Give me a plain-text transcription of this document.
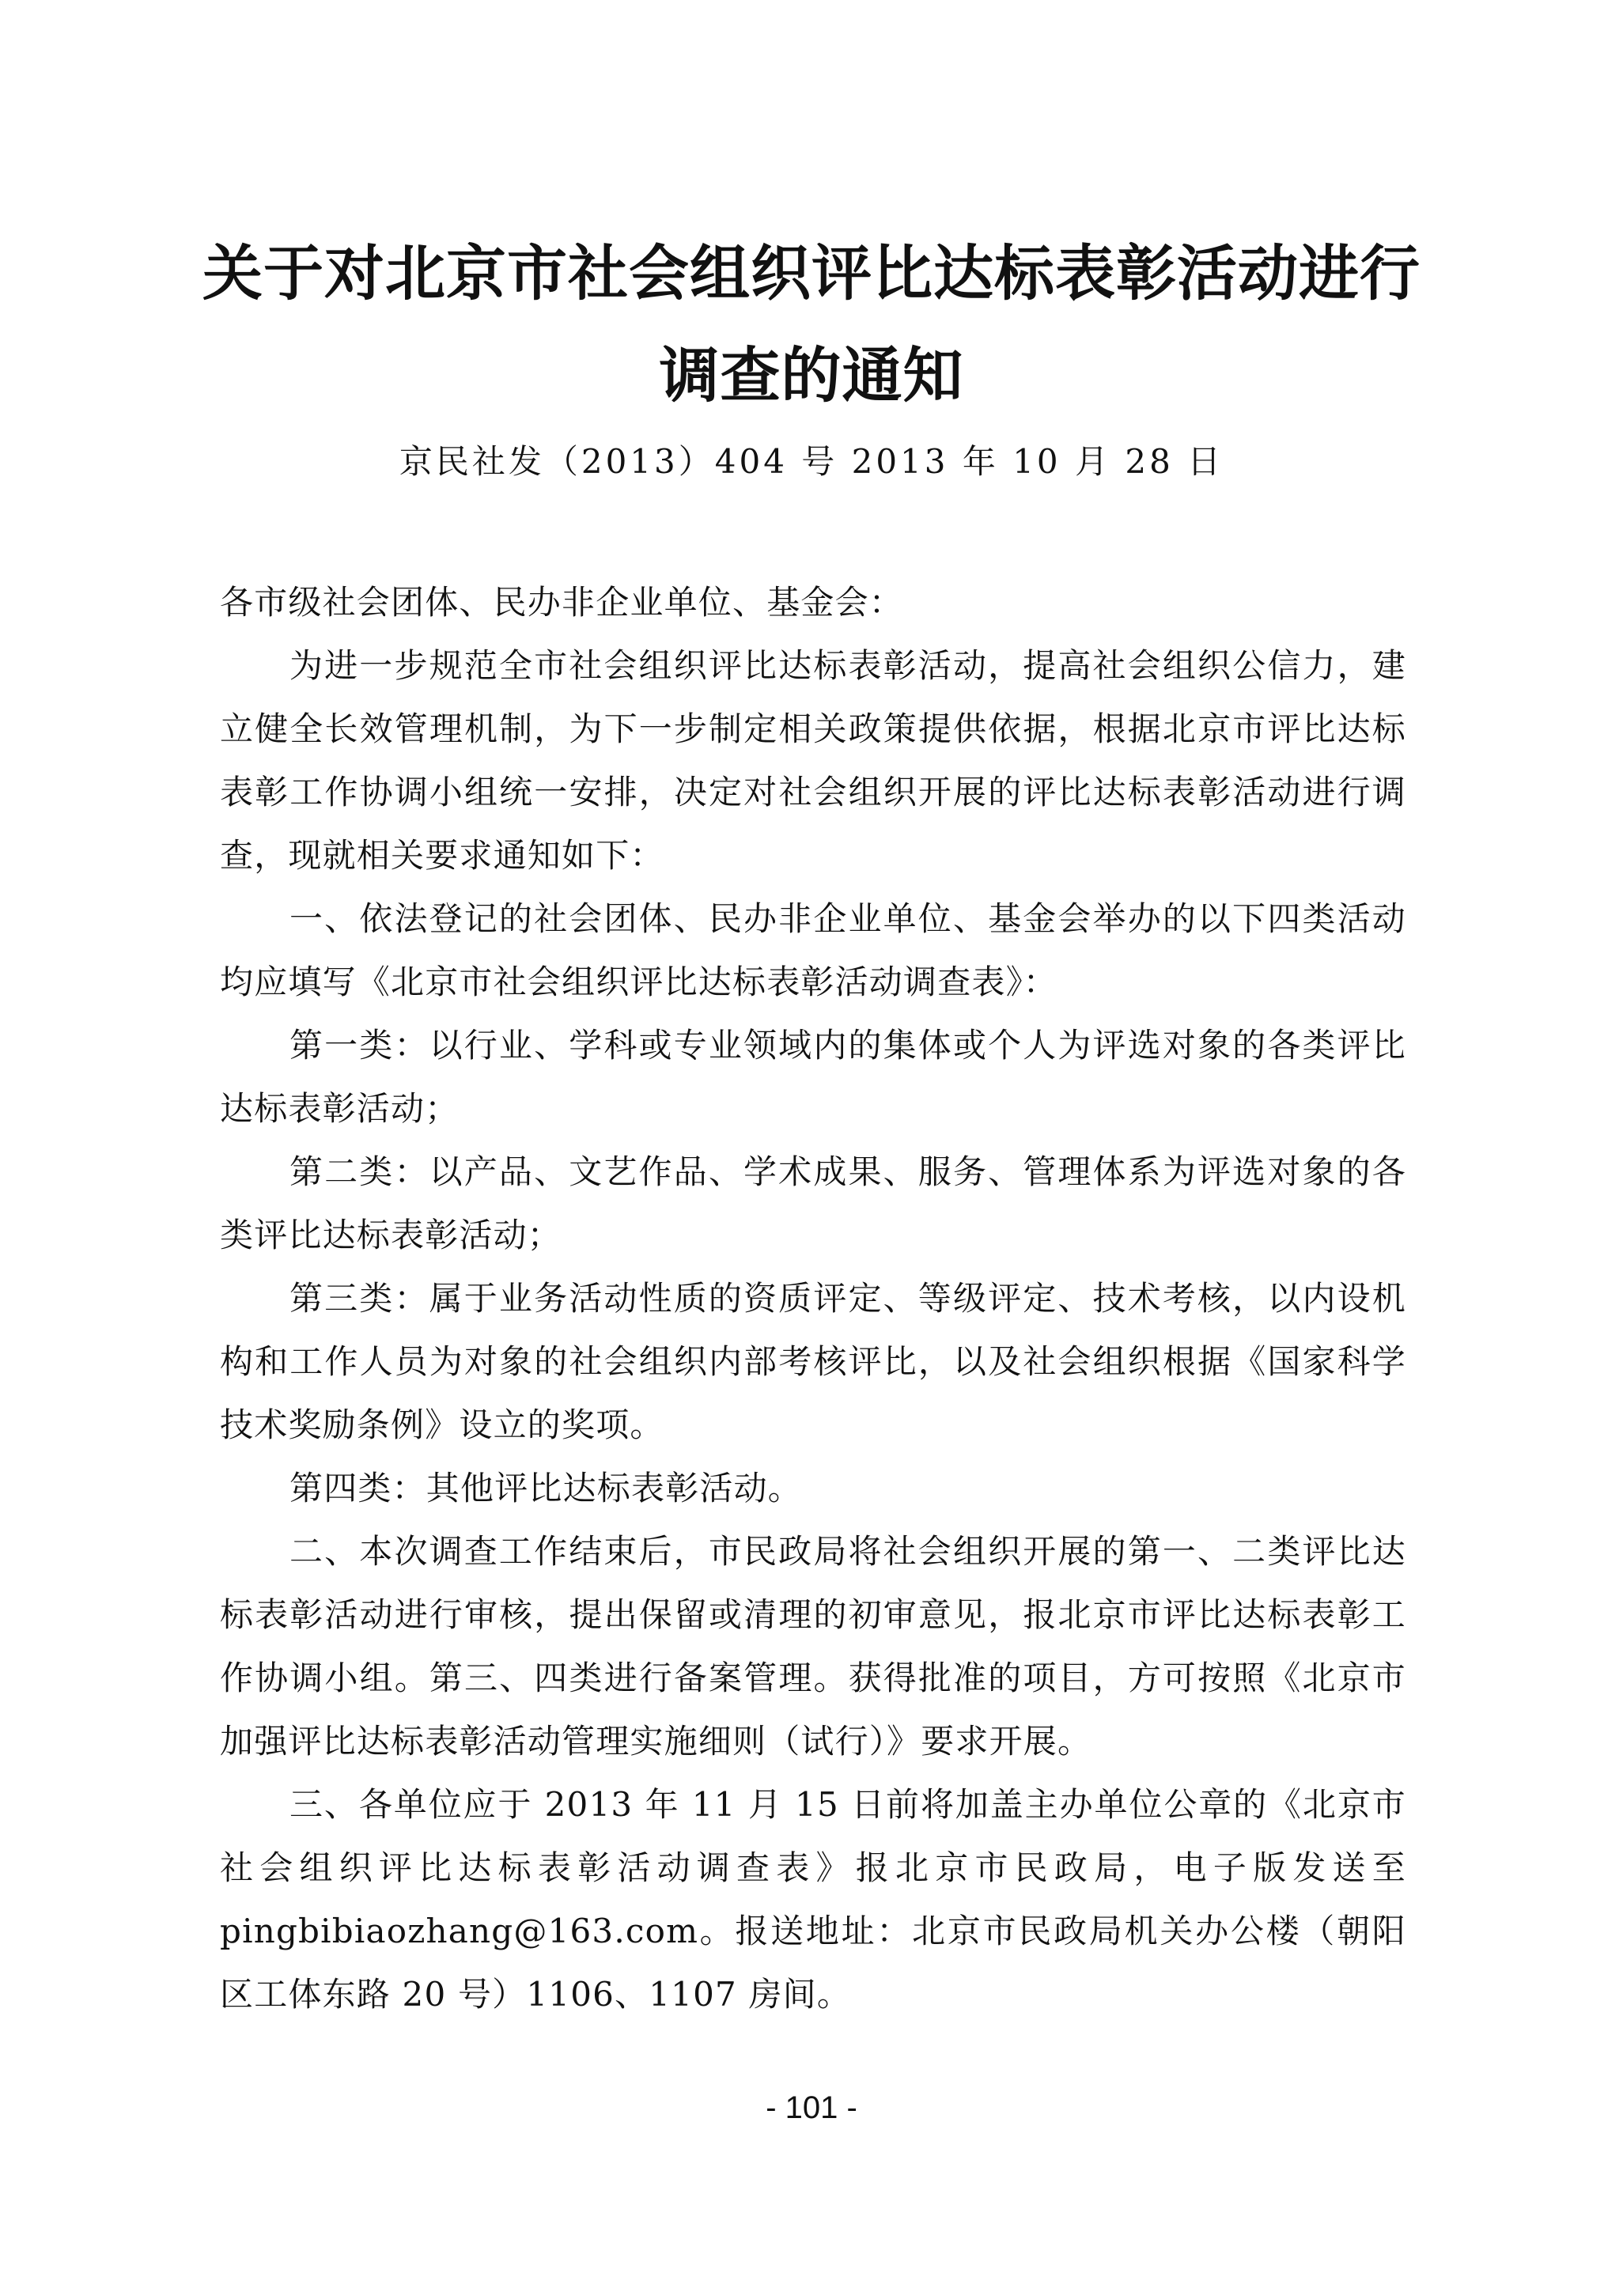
关于对北京市社会组织评比达标表彰活动进行
调查的通知
京民社发（2013）404 号 2013 年 10 月 28 日

各市级社会团体、民办非企业单位、基金会：

为进一步规范全市社会组织评比达标表彰活动，提高社会组织公信力，建立健全长效管理机制，为下一步制定相关政策提供依据，根据北京市评比达标表彰工作协调小组统一安排，决定对社会组织开展的评比达标表彰活动进行调查，现就相关要求通知如下：

一、依法登记的社会团体、民办非企业单位、基金会举办的以下四类活动均应填写《北京市社会组织评比达标表彰活动调查表》：

第一类：以行业、学科或专业领域内的集体或个人为评选对象的各类评比达标表彰活动；

第二类：以产品、文艺作品、学术成果、服务、管理体系为评选对象的各类评比达标表彰活动；

第三类：属于业务活动性质的资质评定、等级评定、技术考核，以内设机构和工作人员为对象的社会组织内部考核评比，以及社会组织根据《国家科学技术奖励条例》设立的奖项。

第四类：其他评比达标表彰活动。

二、本次调查工作结束后，市民政局将社会组织开展的第一、二类评比达标表彰活动进行审核，提出保留或清理的初审意见，报北京市评比达标表彰工作协调小组。第三、四类进行备案管理。获得批准的项目，方可按照《北京市加强评比达标表彰活动管理实施细则（试行）》要求开展。

三、各单位应于 2013 年 11 月 15 日前将加盖主办单位公章的《北京市社会组织评比达标表彰活动调查表》报北京市民政局，电子版发送至 pingbibiaozhang@163.com。报送地址：北京市民政局机关办公楼（朝阳区工体东路 20 号）1106、1107 房间。

- 101 -
